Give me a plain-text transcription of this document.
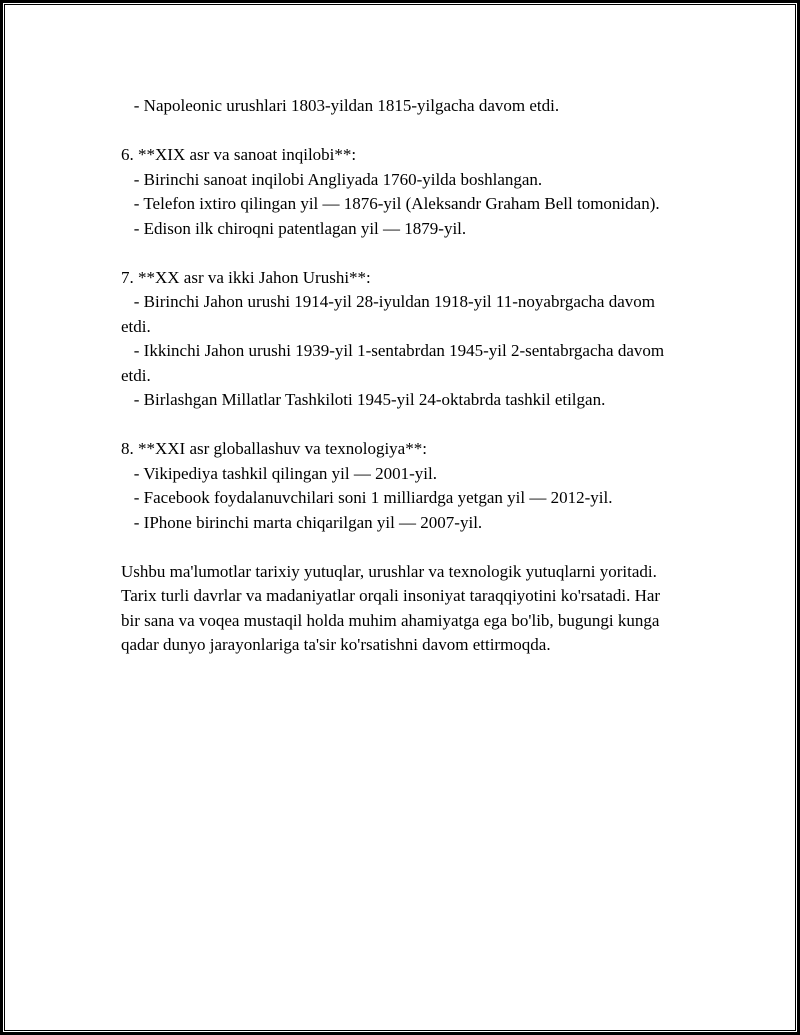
- Napoleonic urushlari 1803-yildan 1815-yilgacha davom etdi.

6. **XIX asr va sanoat inqilobi**:

- Birinchi sanoat inqilobi Angliyada 1760-yilda boshlangan.

- Telefon ixtiro qilingan yil — 1876-yil (Aleksandr Graham Bell tomonidan).

- Edison ilk chiroqni patentlagan yil — 1879-yil.

7. **XX asr va ikki Jahon Urushi**:

- Birinchi Jahon urushi 1914-yil 28-iyuldan 1918-yil 11-noyabrgacha davom etdi.

- Ikkinchi Jahon urushi 1939-yil 1-sentabrdan 1945-yil 2-sentabrgacha davom etdi.

- Birlashgan Millatlar Tashkiloti 1945-yil 24-oktabrda tashkil etilgan.

8. **XXI asr globallashuv va texnologiya**:

- Vikipediya tashkil qilingan yil — 2001-yil.

- Facebook foydalanuvchilari soni 1 milliardga yetgan yil — 2012-yil.

- IPhone birinchi marta chiqarilgan yil — 2007-yil.

Ushbu ma'lumotlar tarixiy yutuqlar, urushlar va texnologik yutuqlarni yoritadi. Tarix turli davrlar va madaniyatlar orqali insoniyat taraqqiyotini ko'rsatadi. Har bir sana va voqea mustaqil holda muhim ahamiyatga ega bo'lib, bugungi kunga qadar dunyo jarayonlariga ta'sir ko'rsatishni davom ettirmoqda.
